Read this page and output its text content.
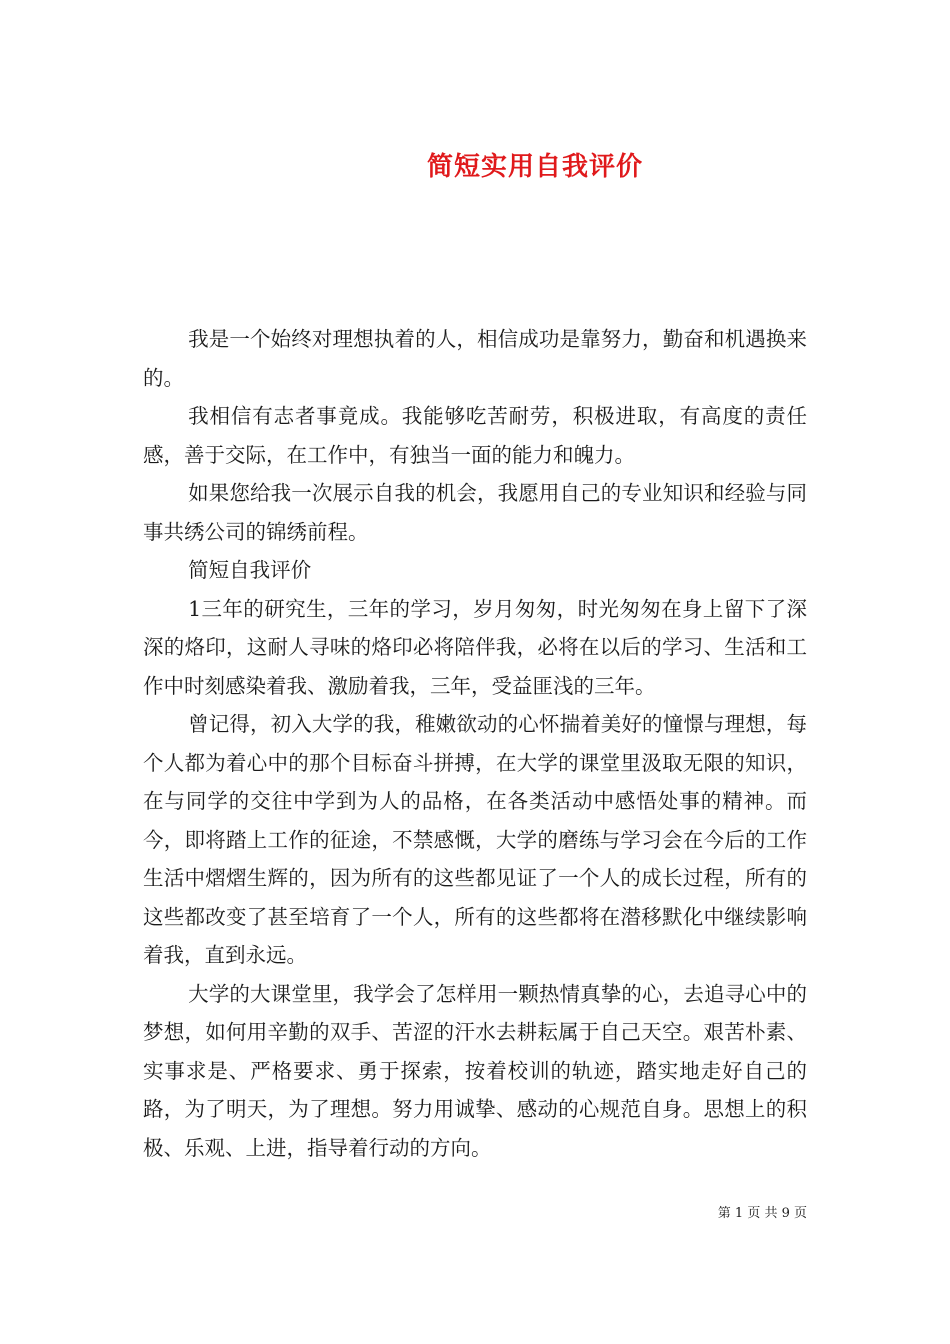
简短实用自我评价

我是一个始终对理想执着的人，相信成功是靠努力，勤奋和机遇换来的。

我相信有志者事竟成。我能够吃苦耐劳，积极进取，有高度的责任感，善于交际，在工作中，有独当一面的能力和魄力。

如果您给我一次展示自我的机会，我愿用自己的专业知识和经验与同事共绣公司的锦绣前程。

简短自我评价

1三年的研究生，三年的学习，岁月匆匆，时光匆匆在身上留下了深深的烙印，这耐人寻味的烙印必将陪伴我，必将在以后的学习、生活和工作中时刻感染着我、激励着我，三年，受益匪浅的三年。

曾记得，初入大学的我，稚嫩欲动的心怀揣着美好的憧憬与理想，每个人都为着心中的那个目标奋斗拼搏，在大学的课堂里汲取无限的知识，在与同学的交往中学到为人的品格，在各类活动中感悟处事的精神。而今，即将踏上工作的征途，不禁感慨，大学的磨练与学习会在今后的工作生活中熠熠生辉的，因为所有的这些都见证了一个人的成长过程，所有的这些都改变了甚至培育了一个人，所有的这些都将在潜移默化中继续影响着我，直到永远。

大学的大课堂里，我学会了怎样用一颗热情真挚的心，去追寻心中的梦想，如何用辛勤的双手、苦涩的汗水去耕耘属于自己天空。艰苦朴素、实事求是、严格要求、勇于探索，按着校训的轨迹，踏实地走好自己的路，为了明天，为了理想。努力用诚挚、感动的心规范自身。思想上的积极、乐观、上进，指导着行动的方向。

第 1 页 共 9 页
